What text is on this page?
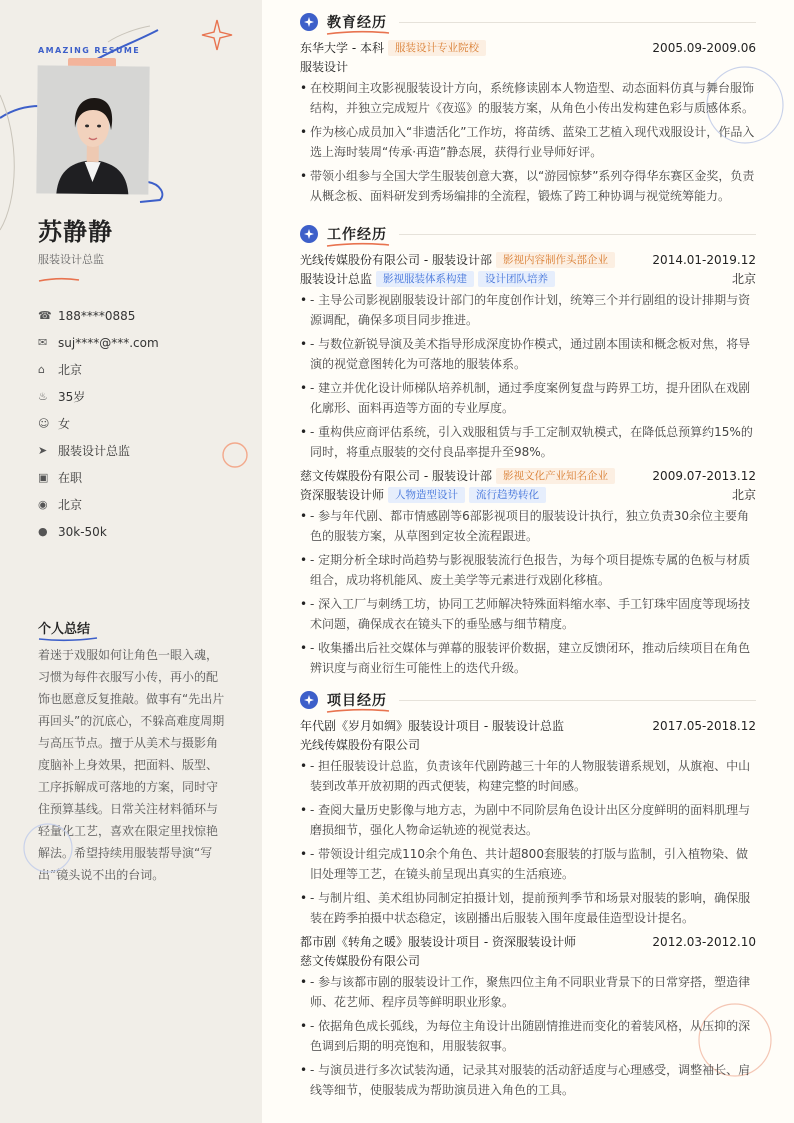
AMAZING RESUME
苏静静
服装设计总监
☎ 188****0885
✉ suj****@***.com
⌂	北京
♨ 35岁
☺ 女
➤ 服装设计总监
▣ 在职
◉ 北京
● 30k-50k
个人总结
着迷于戏服如何让角色一眼入魂，习惯为每件衣服写小传，再小的配饰也愿意反复推敲。做事有“先出片再回头”的沉底心，不躲高难度周期与高压节点。擅于从美术与摄影角度脑补上身效果，把面料、版型、工序拆解成可落地的方案，同时守住预算基线。日常关注材料循环与轻量化工艺，喜欢在限定里找惊艳解法。希望持续用服装帮导演“写出”镜头说不出的台词。
教育经历
东华大学 - 本科	服装设计专业院校	2005.09-2009.06
服装设计
• 在校期间主攻影视服装设计方向，系统修读剧本人物造型、动态面料仿真与舞台服饰结构，并独立完成短片《夜巡》的服装方案，从角色小传出发构建色彩与质感体系。
• 作为核心成员加入“非遗活化”工作坊，将苗绣、蓝染工艺植入现代戏服设计，作品入选上海时装周“传承·再造”静态展，获得行业导师好评。
• 带领小组参与全国大学生服装创意大赛，以“游园惊梦”系列夺得华东赛区金奖，负责从概念板、面料研发到秀场编排的全流程，锻炼了跨工种协调与视觉统筹能力。
工作经历
光线传媒股份有限公司 - 服装设计部	影视内容制作头部企业	2014.01-2019.12
服装设计总监	影视服装体系构建	设计团队培养	北京
• - 主导公司影视剧服装设计部门的年度创作计划，统筹三个并行剧组的设计排期与资源调配，确保多项目同步推进。
• - 与数位新锐导演及美术指导形成深度协作模式，通过剧本围读和概念板对焦，将导演的视觉意图转化为可落地的服装体系。
• - 建立并优化设计师梯队培养机制，通过季度案例复盘与跨界工坊，提升团队在戏剧化廓形、面料再造等方面的专业厚度。
• - 重构供应商评估系统，引入戏服租赁与手工定制双轨模式，在降低总预算约15%的同时，将重点服装的交付良品率提升至98%。
慈文传媒股份有限公司 - 服装设计部	影视文化产业知名企业	2009.07-2013.12
资深服装设计师	人物造型设计	流行趋势转化	北京
• - 参与年代剧、都市情感剧等6部影视项目的服装设计执行，独立负责30余位主要角色的服装方案，从草图到定妆全流程跟进。
• - 定期分析全球时尚趋势与影视服装流行色报告，为每个项目提炼专属的色板与材质组合，成功将机能风、废土美学等元素进行戏剧化移植。
• - 深入工厂与刺绣工坊，协同工艺师解决特殊面料缩水率、手工钉珠牢固度等现场技术问题，确保成衣在镜头下的垂坠感与细节精度。
• - 收集播出后社交媒体与弹幕的服装评价数据，建立反馈闭环，推动后续项目在角色辨识度与商业衍生可能性上的迭代升级。
项目经历
年代剧《岁月如绸》服装设计项目 - 服装设计总监	2017.05-2018.12
光线传媒股份有限公司
• - 担任服装设计总监，负责该年代剧跨越三十年的人物服装谱系规划，从旗袍、中山装到改革开放初期的西式便装，构建完整的时间感。
• - 查阅大量历史影像与地方志，为剧中不同阶层角色设计出区分度鲜明的面料肌理与磨损细节，强化人物命运轨迹的视觉表达。
• - 带领设计组完成110余个角色、共计超800套服装的打版与监制，引入植物染、做旧处理等工艺，在镜头前呈现出真实的生活痕迹。
• - 与制片组、美术组协同制定拍摄计划，提前预判季节和场景对服装的影响，确保服装在跨季拍摄中状态稳定，该剧播出后服装入围年度最佳造型设计提名。
都市剧《转角之暖》服装设计项目 - 资深服装设计师	2012.03-2012.10
慈文传媒股份有限公司
• - 参与该都市剧的服装设计工作，聚焦四位主角不同职业背景下的日常穿搭，塑造律师、花艺师、程序员等鲜明职业形象。
• - 依据角色成长弧线，为每位主角设计出随剧情推进而变化的着装风格，从压抑的深色调到后期的明亮饱和，用服装叙事。
• - 与演员进行多次试装沟通，记录其对服装的活动舒适度与心理感受，调整袖长、肩线等细节，使服装成为帮助演员进入角色的工具。
